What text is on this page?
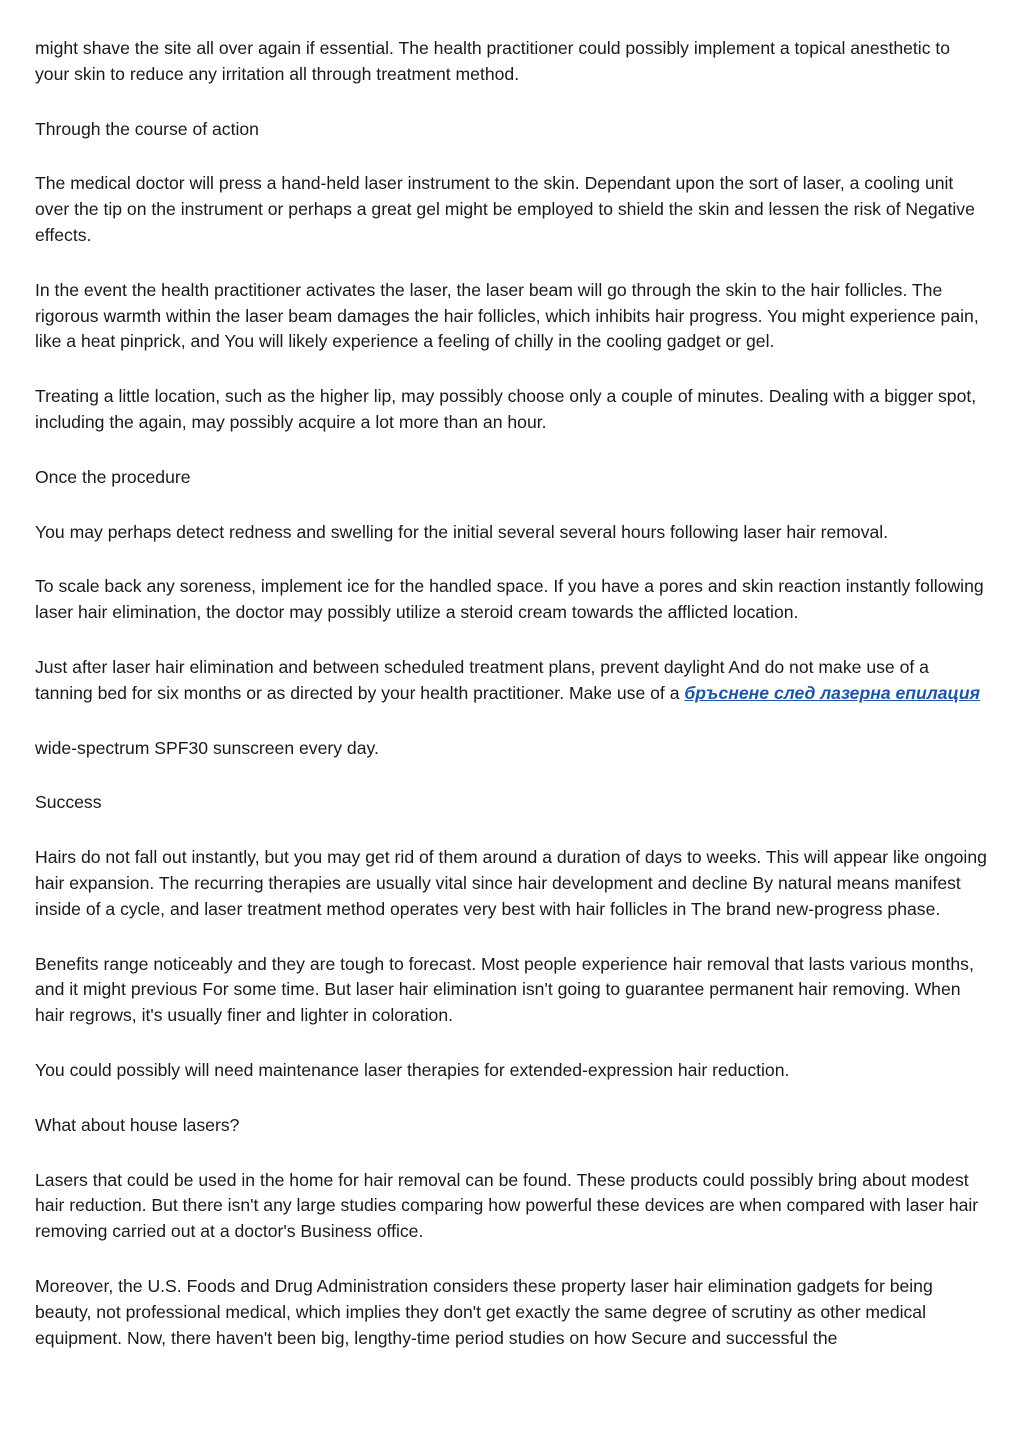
might shave the site all over again if essential. The health practitioner could possibly implement a topical anesthetic to your skin to reduce any irritation all through treatment method.

Through the course of action

The medical doctor will press a hand-held laser instrument to the skin. Dependant upon the sort of laser, a cooling unit over the tip on the instrument or perhaps a great gel might be employed to shield the skin and lessen the risk of Negative effects.

In the event the health practitioner activates the laser, the laser beam will go through the skin to the hair follicles. The rigorous warmth within the laser beam damages the hair follicles, which inhibits hair progress. You might experience pain, like a heat pinprick, and You will likely experience a feeling of chilly in the cooling gadget or gel.

Treating a little location, such as the higher lip, may possibly choose only a couple of minutes. Dealing with a bigger spot, including the again, may possibly acquire a lot more than an hour.

Once the procedure

You may perhaps detect redness and swelling for the initial several several hours following laser hair removal.

To scale back any soreness, implement ice for the handled space. If you have a pores and skin reaction instantly following laser hair elimination, the doctor may possibly utilize a steroid cream towards the afflicted location.

Just after laser hair elimination and between scheduled treatment plans, prevent daylight And do not make use of a tanning bed for six months or as directed by your health practitioner. Make use of a бръснене след лазерна епилация

wide-spectrum SPF30 sunscreen every day.

Success

Hairs do not fall out instantly, but you may get rid of them around a duration of days to weeks. This will appear like ongoing hair expansion. The recurring therapies are usually vital since hair development and decline By natural means manifest inside of a cycle, and laser treatment method operates very best with hair follicles in The brand new-progress phase.

Benefits range noticeably and they are tough to forecast. Most people experience hair removal that lasts various months, and it might previous For some time. But laser hair elimination isn't going to guarantee permanent hair removing. When hair regrows, it's usually finer and lighter in coloration.

You could possibly will need maintenance laser therapies for extended-expression hair reduction.

What about house lasers?

Lasers that could be used in the home for hair removal can be found. These products could possibly bring about modest hair reduction. But there isn't any large studies comparing how powerful these devices are when compared with laser hair removing carried out at a doctor's Business office.

Moreover, the U.S. Foods and Drug Administration considers these property laser hair elimination gadgets for being beauty, not professional medical, which implies they don't get exactly the same degree of scrutiny as other medical equipment. Now, there haven't been big, lengthy-time period studies on how Secure and successful the
